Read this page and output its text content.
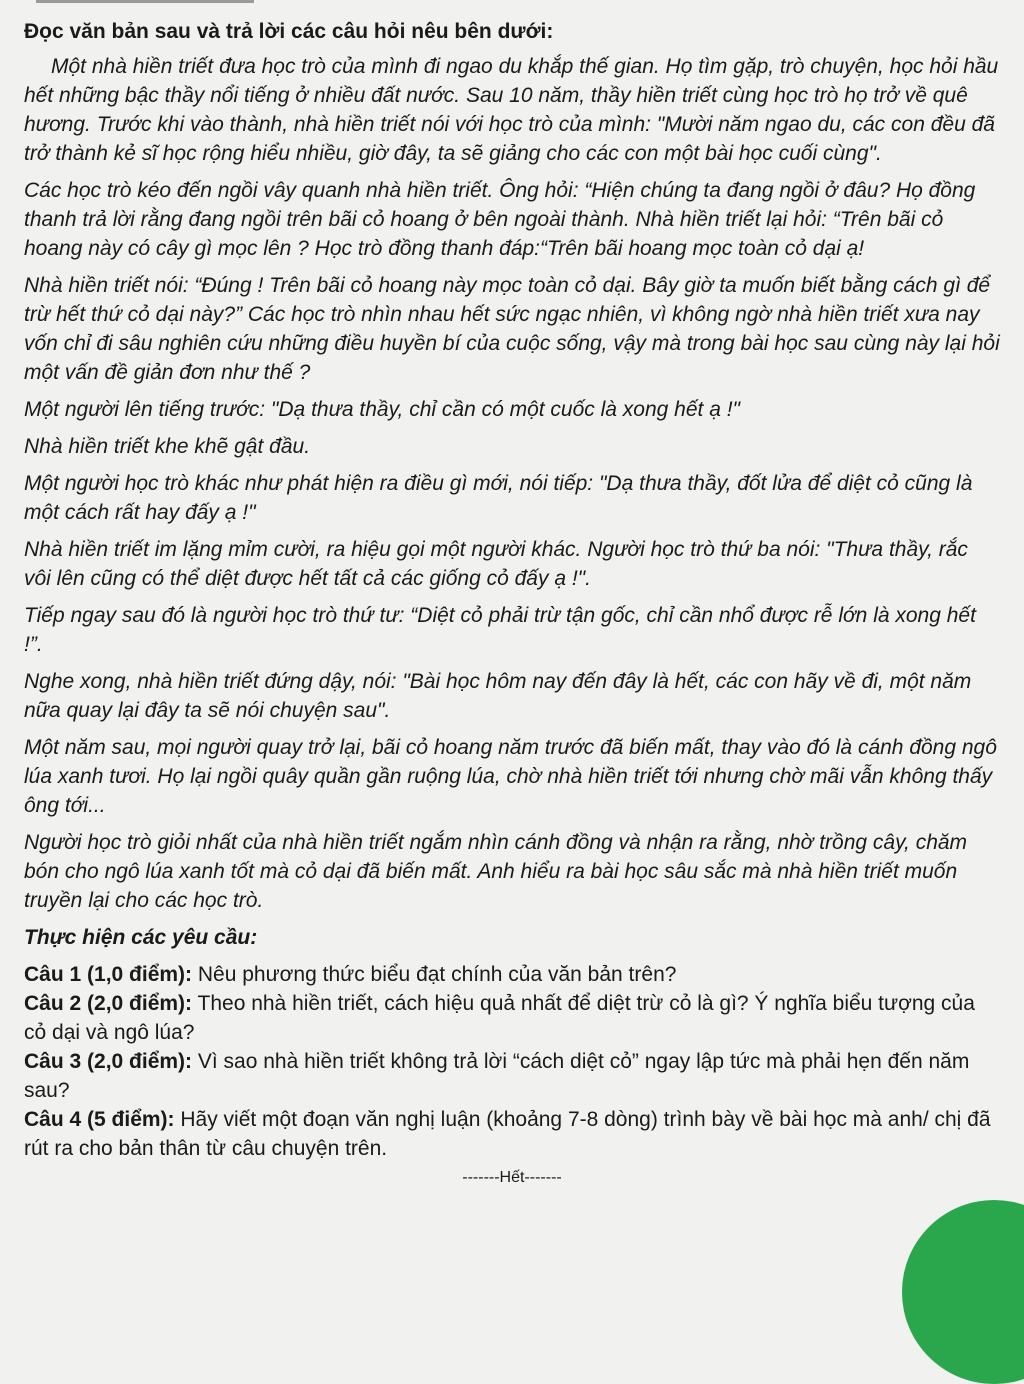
Đọc văn bản sau và trả lời các câu hỏi nêu bên dưới:

Một nhà hiền triết đưa học trò của mình đi ngao du khắp thế gian. Họ tìm gặp, trò chuyện, học hỏi hầu hết những bậc thầy nổi tiếng ở nhiều đất nước. Sau 10 năm, thầy hiền triết cùng học trò họ trở về quê hương. Trước khi vào thành, nhà hiền triết nói với học trò của mình: "Mười năm ngao du, các con đều đã trở thành kẻ sĩ học rộng hiểu nhiều, giờ đây, ta sẽ giảng cho các con một bài học cuối cùng".

Các học trò kéo đến ngồi vây quanh nhà hiền triết. Ông hỏi: “Hiện chúng ta đang ngồi ở đâu? Họ đồng thanh trả lời rằng đang ngồi trên bãi cỏ hoang ở bên ngoài thành. Nhà hiền triết lại hỏi: “Trên bãi cỏ hoang này có cây gì mọc lên ? Học trò đồng thanh đáp:“Trên bãi hoang mọc toàn cỏ dại ạ!

Nhà hiền triết nói: “Đúng ! Trên bãi cỏ hoang này mọc toàn cỏ dại. Bây giờ ta muốn biết bằng cách gì để trừ hết thứ cỏ dại này?” Các học trò nhìn nhau hết sức ngạc nhiên, vì không ngờ nhà hiền triết xưa nay vốn chỉ đi sâu nghiên cứu những điều huyền bí của cuộc sống, vậy mà trong bài học sau cùng này lại hỏi một vấn đề giản đơn như thế ?

Một người lên tiếng trước: "Dạ thưa thầy, chỉ cần có một cuốc là xong hết ạ !"

Nhà hiền triết khe khẽ gật đầu.

Một người học trò khác như phát hiện ra điều gì mới, nói tiếp: "Dạ thưa thầy, đốt lửa để diệt cỏ cũng là một cách rất hay đấy ạ !"

Nhà hiền triết im lặng mỉm cười, ra hiệu gọi một người khác. Người học trò thứ ba nói: "Thưa thầy, rắc vôi lên cũng có thể diệt được hết tất cả các giống cỏ đấy ạ !".

Tiếp ngay sau đó là người học trò thứ tư: “Diệt cỏ phải trừ tận gốc, chỉ cần nhổ được rễ lớn là xong hết !”.

Nghe xong, nhà hiền triết đứng dậy, nói: "Bài học hôm nay đến đây là hết, các con hãy về đi, một năm nữa quay lại đây ta sẽ nói chuyện sau".

Một năm sau, mọi người quay trở lại, bãi cỏ hoang năm trước đã biến mất, thay vào đó là cánh đồng ngô lúa xanh tươi. Họ lại ngồi quây quần gần ruộng lúa, chờ nhà hiền triết tới nhưng chờ mãi vẫn không thấy ông tới...

Người học trò giỏi nhất của nhà hiền triết ngắm nhìn cánh đồng và nhận ra rằng, nhờ trồng cây, chăm bón cho ngô lúa xanh tốt mà cỏ dại đã biến mất. Anh hiểu ra bài học sâu sắc mà nhà hiền triết muốn truyền lại cho các học trò.

Thực hiện các yêu cầu:

Câu 1 (1,0 điểm): Nêu phương thức biểu đạt chính của văn bản trên?

Câu 2 (2,0 điểm): Theo nhà hiền triết, cách hiệu quả nhất để diệt trừ cỏ là gì? Ý nghĩa biểu tượng của cỏ dại và ngô lúa?

Câu 3 (2,0 điểm): Vì sao nhà hiền triết không trả lời “cách diệt cỏ” ngay lập tức mà phải hẹn đến năm sau?

Câu 4 (5 điểm): Hãy viết một đoạn văn nghị luận (khoảng 7-8 dòng) trình bày về bài học mà anh/ chị đã rút ra cho bản thân từ câu chuyện trên.

-------Hết-------
